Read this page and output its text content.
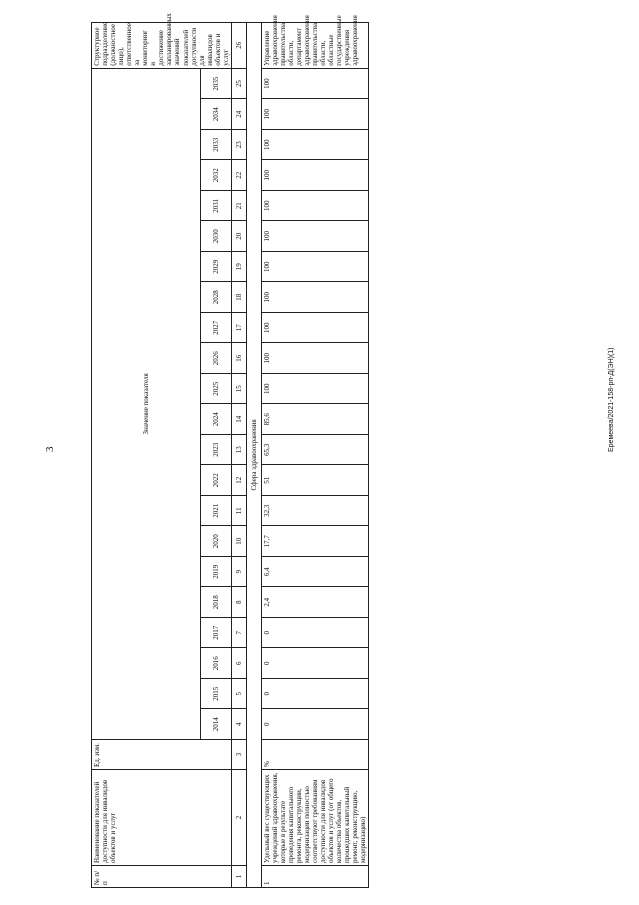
3	Еремеева/2021-158-рп-Д(ЭН)(1)
№ п/п	Наименование показателей доступности для инвалидов объектов и услуг	Ед. изм.	Значение показателя																						Структурное подразделение (должностное лицо), ответственное за мониторинг и достижение запланированных значений показателей доступности для инвалидов объектов и услуг
			2014	2015	2016	2017	2018	2019	2020	2021	2022	2023	2024	2025	2026	2027	2028	2029	2030	2031	2032	2033	2034	2035	
1	2	3	4	5	6	7	8	9	10	11	12	13	14	15	16	17	18	19	20	21	22	23	24	25	26
Сфера здравоохранения																									
1	Удельный вес существующих учреждений здравоохранения, которые в результате проведения капитального ремонта, реконструкции, модернизации полностью соответствуют требованиям доступности для инвалидов объектов и услуг (от общего количества объектов, прошедших капитальный ремонт, реконструкцию, модернизацию)	%	0	0	0	0	2,4	6,4	17,7	32,3	51	65,3	85,6	100	100	100	100	100	100	100	100	100	100	100	Управление здравоохранения правительства области, департамент здравоохранения правительства области, областные государственные учреждения здравоохранения
